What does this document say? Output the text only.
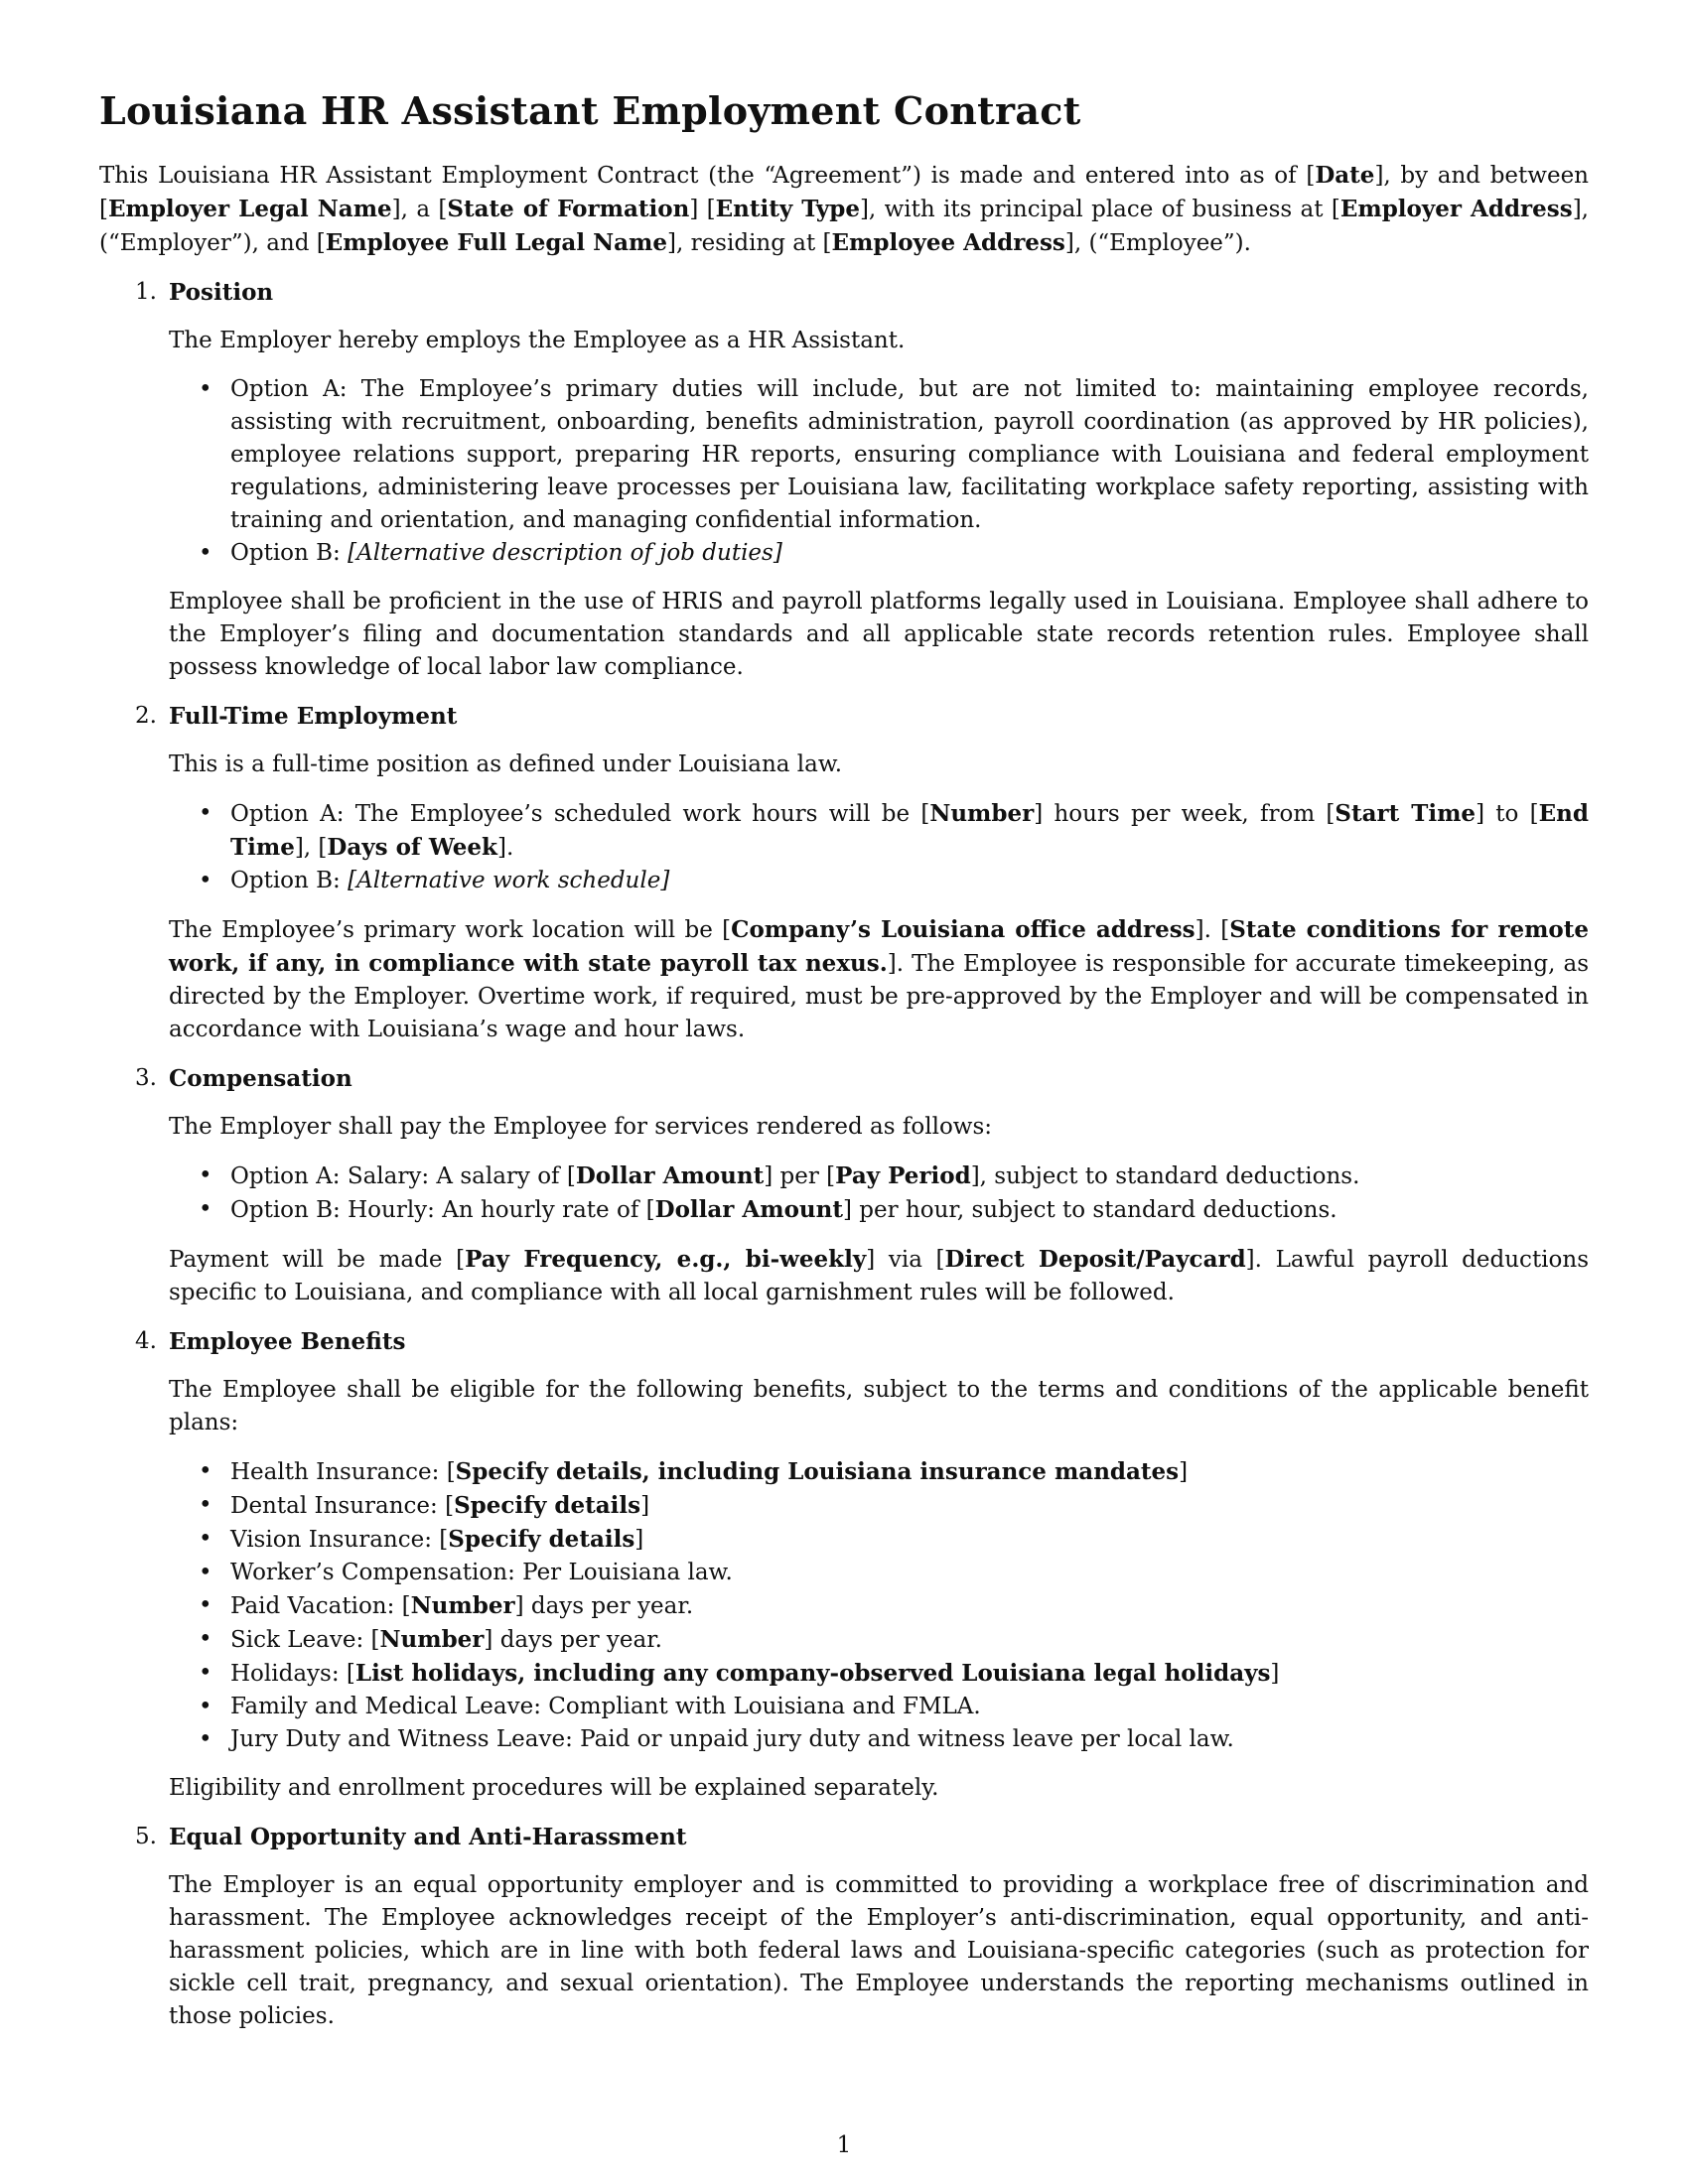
Louisiana HR Assistant Employment Contract

This Louisiana HR Assistant Employment Contract (the “Agreement”) is made and entered into as of [Date], by and between [Employer Legal Name], a [State of Formation] [Entity Type], with its principal place of business at [Employer Address], (“Employer”), and [Employee Full Legal Name], residing at [Employee Address], (“Employee”).

1. Position

The Employer hereby employs the Employee as a HR Assistant.

• Option A: The Employee’s primary duties will include, but are not limited to: maintaining employee records, assisting with recruitment, onboarding, benefits administration, payroll coordination (as approved by HR policies), employee relations support, preparing HR reports, ensuring compliance with Louisiana and federal employment regulations, administering leave processes per Louisiana law, facilitating workplace safety reporting, assisting with training and orientation, and managing confidential information.
• Option B: [Alternative description of job duties]

Employee shall be proficient in the use of HRIS and payroll platforms legally used in Louisiana. Employee shall adhere to the Employer’s filing and documentation standards and all applicable state records retention rules. Employee shall possess knowledge of local labor law compliance.

2. Full-Time Employment

This is a full-time position as defined under Louisiana law.

• Option A: The Employee’s scheduled work hours will be [Number] hours per week, from [Start Time] to [End Time], [Days of Week].
• Option B: [Alternative work schedule]

The Employee’s primary work location will be [Company’s Louisiana office address]. [State conditions for remote work, if any, in compliance with state payroll tax nexus.]. The Employee is responsible for accurate timekeeping, as directed by the Employer. Overtime work, if required, must be pre-approved by the Employer and will be compensated in accordance with Louisiana’s wage and hour laws.

3. Compensation

The Employer shall pay the Employee for services rendered as follows:

• Option A: Salary: A salary of [Dollar Amount] per [Pay Period], subject to standard deductions.
• Option B: Hourly: An hourly rate of [Dollar Amount] per hour, subject to standard deductions.

Payment will be made [Pay Frequency, e.g., bi-weekly] via [Direct Deposit/Paycard]. Lawful payroll deductions specific to Louisiana, and compliance with all local garnishment rules will be followed.

4. Employee Benefits

The Employee shall be eligible for the following benefits, subject to the terms and conditions of the applicable benefit plans:

• Health Insurance: [Specify details, including Louisiana insurance mandates]
• Dental Insurance: [Specify details]
• Vision Insurance: [Specify details]
• Worker’s Compensation: Per Louisiana law.
• Paid Vacation: [Number] days per year.
• Sick Leave: [Number] days per year.
• Holidays: [List holidays, including any company-observed Louisiana legal holidays]
• Family and Medical Leave: Compliant with Louisiana and FMLA.
• Jury Duty and Witness Leave: Paid or unpaid jury duty and witness leave per local law.

Eligibility and enrollment procedures will be explained separately.

5. Equal Opportunity and Anti-Harassment

The Employer is an equal opportunity employer and is committed to providing a workplace free of discrimination and harassment. The Employee acknowledges receipt of the Employer’s anti-discrimination, equal opportunity, and anti-harassment policies, which are in line with both federal laws and Louisiana-specific categories (such as protection for sickle cell trait, pregnancy, and sexual orientation). The Employee understands the reporting mechanisms outlined in those policies.

1
